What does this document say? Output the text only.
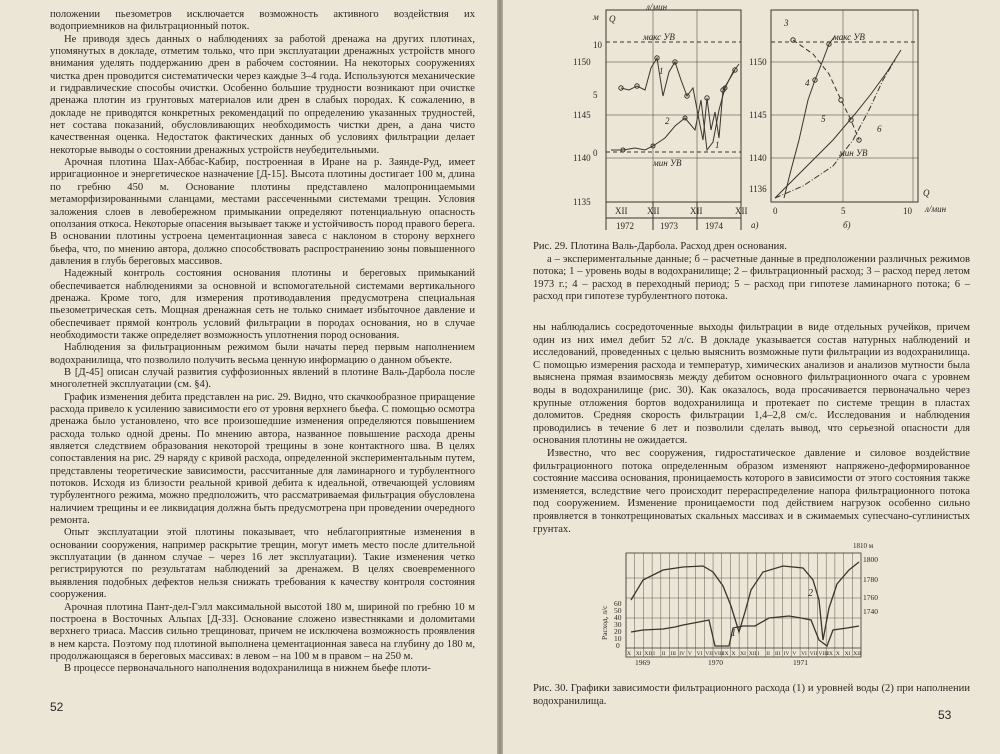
положении пьезометров исключается возможность активного воздействия их водоприемников на фильтрационный поток.

Не приводя здесь данных о наблюдениях за работой дренажа на других плотинах, упомянутых в докладе, отметим только, что при эксплуатации дренажных устройств много внимания уделять поддержанию дрен в рабочем состоянии. На некоторых сооружениях чистка дрен проводится систематически через каждые 3–4 года. Используются механические и гидравлические способы очистки. Особенно большие трудности возникают при очистке дренажа плотин из грунтовых материалов или дрен в слабых породах. К сожалению, в докладе не приводятся конкретных рекомендаций по определению указанных трудностей, нет состава показаний, обусловливающих необходимость чистки дрен, а дана чисто качественная оценка. Недостаток фактических данных об условиях фильтрации делает некоторые выводы о состоянии дренажных устройств неубедительными.

Арочная плотина Шах-Аббас-Кабир, построенная в Иране на р. Заянде-Руд, имеет ирригационное и энергетическое назначение [Д-15]. Высота плотины достигает 100 м, длина по гребню 450 м. Основание плотины представлено малопроницаемыми метаморфизированными сланцами, местами рассеченными системами трещин. Условия заложения слоев в левобережном примыкании определяют потенциальную опасность оползания откоса. Некоторые опасения вызывает также и устойчивость пород правого берега. В основании плотины устроена цементационная завеса с наклоном в сторону верхнего бьефа, что, по мнению автора, должно способствовать распространению зоны повышенного давления в глубь береговых массивов.

Надежный контроль состояния основания плотины и береговых примыканий обеспечивается наблюдениями за основной и вспомогательной системами вертикального дренажа. Кроме того, для измерения противодавления предусмотрена специальная пьезометрическая сеть. Мощная дренажная сеть не только снимает избыточное давление и обеспечивает прямой контроль условий фильтрации в породах основания, но в случае необходимости также определяет возможность уплотнения пород основания.

Наблюдения за фильтрационным режимом были начаты перед первым наполнением водохранилища, что позволило получить весьма ценную информацию о данном объекте.

В [Д-45] описан случай развития суффозионных явлений в плотине Валь-Дарбола после многолетней эксплуатации (см. §4).

График изменения дебита представлен на рис. 29. Видно, что скачкообразное приращение расхода привело к усилению зависимости его от уровня верхнего бьефа. С помощью осмотра дренажа было установлено, что все произошедшие изменения определяются повышением расхода только одной дрены. По мнению автора, названное повышение расхода дрены является следствием образования некоторой трещины в зоне контактного шва. В целях сопоставления на рис. 29 наряду с кривой расхода, определенной экспериментальным путем, представлены теоретические зависимости, рассчитанные для ламинарного и турбулентного потоков. Исходя из близости реальной кривой дебита к идеальной, отвечающей условиям турбулентного режима, можно предположить, что рассматриваемая фильтрация обусловлена наличием трещины и ее ликвидация должна быть предусмотрена при проведении очередного ремонта.

Опыт эксплуатации этой плотины показывает, что неблагоприятные изменения в основании сооружения, например раскрытие трещин, могут иметь место после длительной эксплуатации (в данном случае – через 16 лет эксплуатации). Такие изменения четко регистрируются по результатам наблюдений за дренажем. В целях своевременного выявления подобных дефектов нельзя снижать требования к качеству контроля состояния сооружения.

Арочная плотина Пант-дел-Гэлл максимальной высотой 180 м, шириной по гребню 10 м построена в Восточных Альпах [Д-33]. Основание сложено известняками и доломитами верхнего триаса. Массив сильно трещиноват, причем не исключена возможность проявления в нем карста. Поэтому под плотиной выполнена цементационная завеса на глубину до 180 м, продолжающаяся в береговых массивах: в левом – на 100 м в правом – на 250 м.

В процессе первоначального наполнения водохранилища в нижнем бьефе плоти-

52
л/мин
м Q
макс УВ
мин УВ
макс УВ
мин УВ
1
2
1
3
4
5
6
1150
1145
1140
1135
10
5
0
1150
1145
1140
1136
XII XII	XII	XII
1972	1973	1974	а)
0	5	10 л/мин
Q
б)
Рис. 29. Плотина Валь-Дарбола. Расход дрен основания.
а – экспериментальные данные; б – расчетные данные в предположении различных режимов потока; 1 – уровень воды в водохранилище; 2 – фильтрационный расход; 3 – расход перед летом 1973 г.; 4 – расход в переходный период; 5 – расход при гипотезе ламинарного потока; 6 – расход при гипотезе турбулентного потока.
ны наблюдались сосредоточенные выходы фильтрации в виде отдельных ручейков, причем один из них имел дебит 52 л/с. В докладе указывается состав натурных наблюдений и исследований, проведенных с целью выяснить возможные пути фильтрации из водохранилища. С помощью измерения расхода и температур, химических анализов и анализов мутности была выяснена прямая взаимосвязь между дебитом основного фильтрационного очага с уровнем воды в водохранилище (рис. 30). Как оказалось, вода просачивается первоначально через крупные отложения бортов водохранилища и протекает по системе трещин в пластах доломитов. Средняя скорость фильтрации 1,4–2,8 см/с. Исследования и наблюдения проводились в течение 6 лет и позволили сделать вывод, что серьезной опасности для основания плотины не ожидается.
Известно, что вес сооружения, гидростатическое давление и силовое воздействие фильтрационного потока определенным образом изменяют напряжено-деформированное состояние массива основания, проницаемость которого в зависимости от этого состояния также изменяется, вследствие чего происходит перераспределение напора фильтрационного потока под сооружением. Изменение проницаемости под действием нагрузок особенно сильно проявляется в тонкотрещиноватых скальных массивах и в сжимаемых супесчано-суглинистых грунтах.
2
1
1810 м
1800
1780
1760
1740
60
50
40
30
20
10
0
Расход, л/с
1969	1970	1971
X XI XII I II III IV V VI VII VIII IX X XI XII I II III IV V VI VII VIII IX X XI XII
Рис. 30. Графики зависимости фильтрационного расхода (1) и уровней воды (2) при наполнении водохранилища.
53
